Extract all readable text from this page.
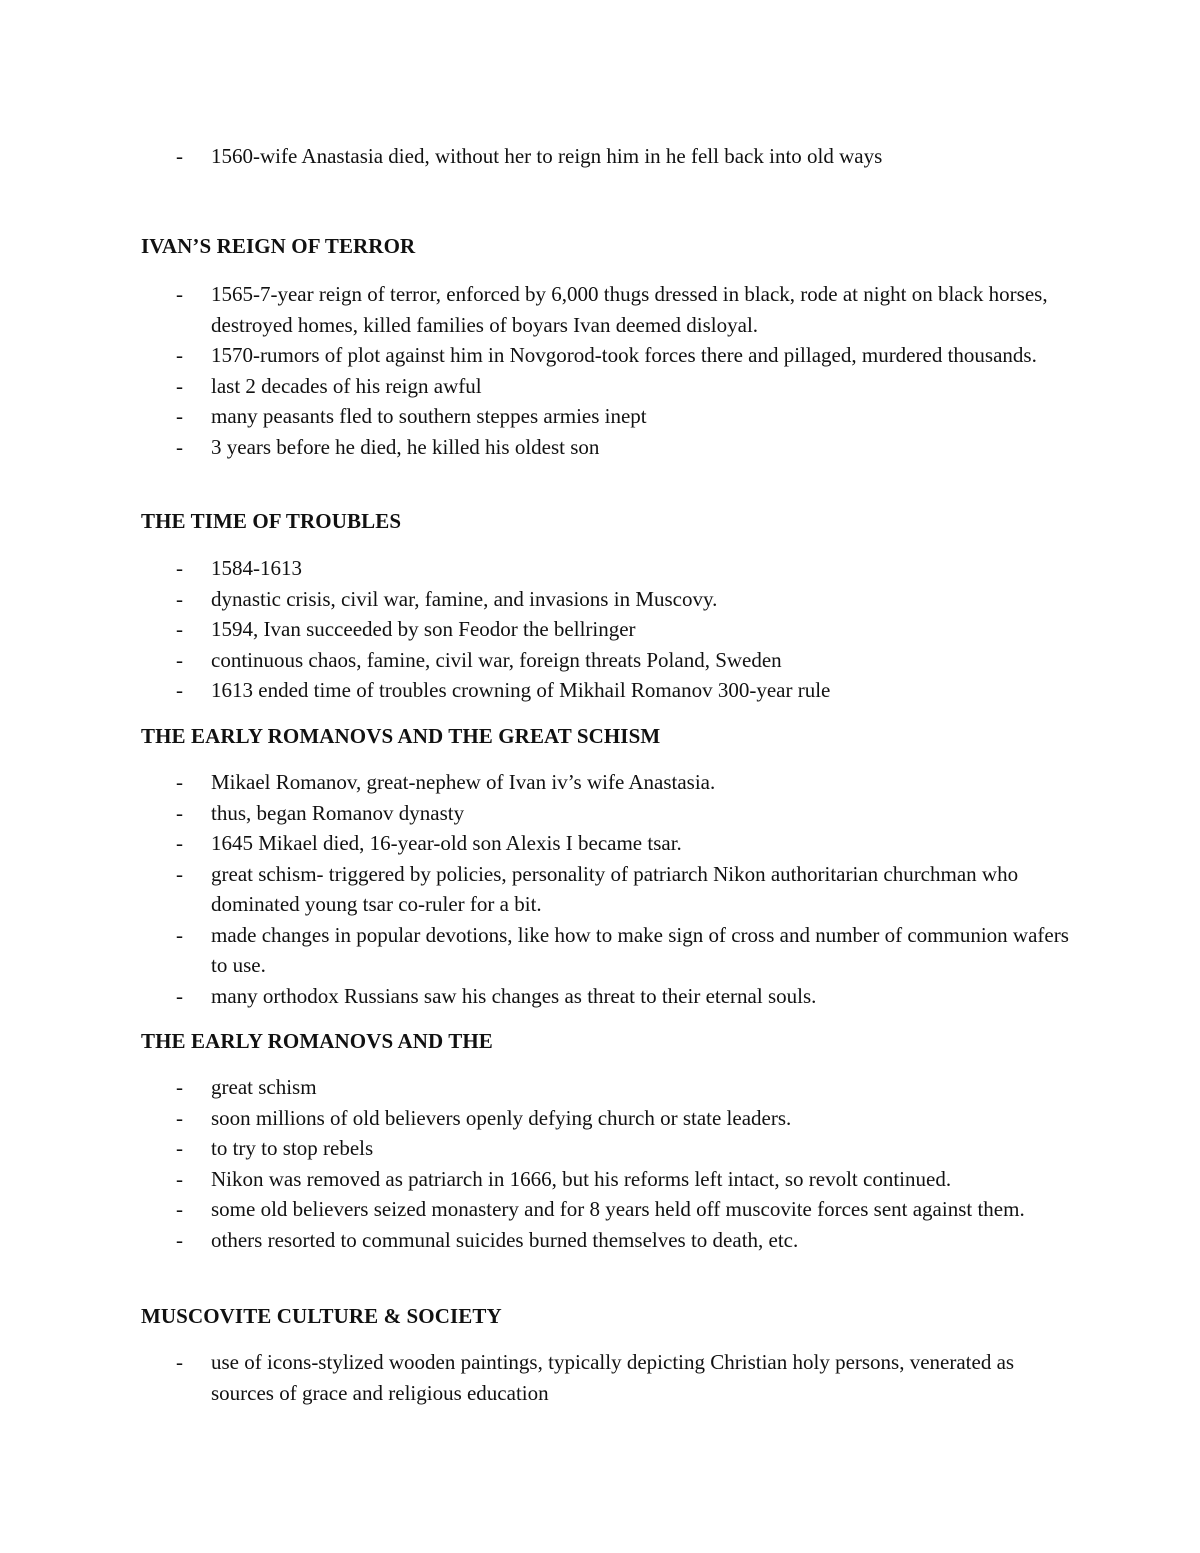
- 1560-wife Anastasia died, without her to reign him in he fell back into old ways
IVAN’S REIGN OF TERROR
- 1565-7-year reign of terror, enforced by 6,000 thugs dressed in black, rode at night on black horses, destroyed homes, killed families of boyars Ivan deemed disloyal.
- 1570-rumors of plot against him in Novgorod-took forces there and pillaged, murdered thousands.
- last 2 decades of his reign awful
- many peasants fled to southern steppes armies inept
- 3 years before he died, he killed his oldest son
THE TIME OF TROUBLES
- 1584-1613
- dynastic crisis, civil war, famine, and invasions in Muscovy.
- 1594, Ivan succeeded by son Feodor the bellringer
- continuous chaos, famine, civil war, foreign threats Poland, Sweden
- 1613 ended time of troubles crowning of Mikhail Romanov 300-year rule
THE EARLY ROMANOVS AND THE GREAT SCHISM
- Mikael Romanov, great-nephew of Ivan iv’s wife Anastasia.
- thus, began Romanov dynasty
- 1645 Mikael died, 16-year-old son Alexis I became tsar.
- great schism- triggered by policies, personality of patriarch Nikon authoritarian churchman who dominated young tsar co-ruler for a bit.
- made changes in popular devotions, like how to make sign of cross and number of communion wafers to use.
- many orthodox Russians saw his changes as threat to their eternal souls.
THE EARLY ROMANOVS AND THE
- great schism
- soon millions of old believers openly defying church or state leaders.
- to try to stop rebels
- Nikon was removed as patriarch in 1666, but his reforms left intact, so revolt continued.
- some old believers seized monastery and for 8 years held off muscovite forces sent against them.
- others resorted to communal suicides burned themselves to death, etc.
MUSCOVITE CULTURE & SOCIETY
- use of icons-stylized wooden paintings, typically depicting Christian holy persons, venerated as sources of grace and religious education
